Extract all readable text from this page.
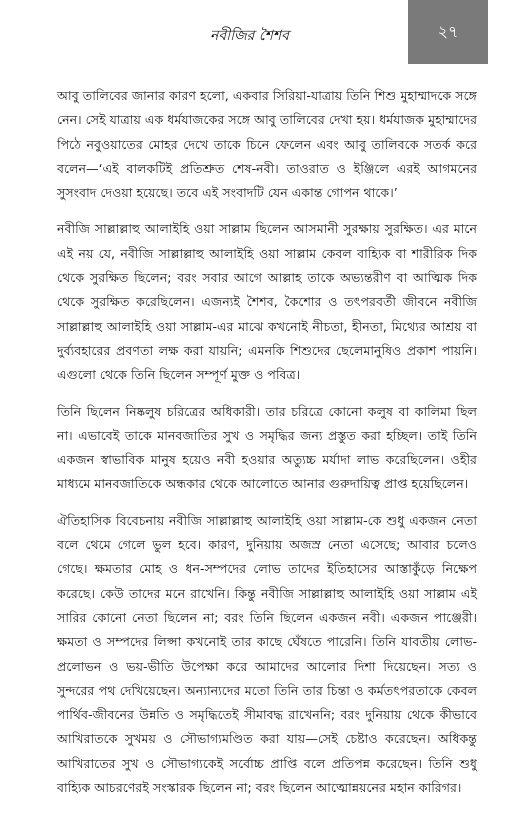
নবীজির শৈশব	২৭

আবু তালিবের জানার কারণ হলো, একবার সিরিয়া-যাত্রায় তিনি শিশু মুহাম্মাদকে সঙ্গে নেন। সেই যাত্রায় এক ধর্মযাজকের সঙ্গে আবু তালিবের দেখা হয়। ধর্মযাজক মুহাম্মাদের পিঠে নবুওয়াতের মোহর দেখে তাকে চিনে ফেলেন এবং আবু তালিবকে সতর্ক করে বলেন—‘এই বালকটিই প্রতিশ্রুত শেষ-নবী। তাওরাত ও ইঞ্জিলে এরই আগমনের সুসংবাদ দেওয়া হয়েছে। তবে এই সংবাদটি যেন একান্ত গোপন থাকে।’

নবীজি সাল্লাল্লাহু আলাইহি ওয়া সাল্লাম ছিলেন আসমানী সুরক্ষায় সুরক্ষিত। এর মানে এই নয় যে, নবীজি সাল্লাল্লাহু আলাইহি ওয়া সাল্লাম কেবল বাহ্যিক বা শারীরিক দিক থেকে সুরক্ষিত ছিলেন; বরং সবার আগে আল্লাহ তাকে অভ্যন্তরীণ বা আত্মিক দিক থেকে সুরক্ষিত করেছিলেন। এজন্যই শৈশব, কৈশোর ও তৎপরবর্তী জীবনে নবীজি সাল্লাল্লাহু আলাইহি ওয়া সাল্লাম-এর মাঝে কখনোই নীচতা, হীনতা, মিথ্যের আশ্রয় বা দুর্ব্যবহারের প্রবণতা লক্ষ করা যায়নি; এমনকি শিশুদের ছেলেমানুষিও প্রকাশ পায়নি। এগুলো থেকে তিনি ছিলেন সম্পূর্ণ মুক্ত ও পবিত্র।

তিনি ছিলেন নিষ্কলুষ চরিত্রের অধিকারী। তার চরিত্রে কোনো কলুষ বা কালিমা ছিল না। এভাবেই তাকে মানবজাতির সুখ ও সমৃদ্ধির জন্য প্রস্তুত করা হচ্ছিল। তাই তিনি একজন স্বাভাবিক মানুষ হয়েও নবী হওয়ার অত্যুচ্চ মর্যাদা লাভ করেছিলেন। ওহীর মাধ্যমে মানবজাতিকে অন্ধকার থেকে আলোতে আনার গুরুদায়িত্ব প্রাপ্ত হয়েছিলেন।

ঐতিহাসিক বিবেচনায় নবীজি সাল্লাল্লাহু আলাইহি ওয়া সাল্লাম-কে শুধু একজন নেতা বলে থেমে গেলে ভুল হবে। কারণ, দুনিয়ায় অজস্র নেতা এসেছে; আবার চলেও গেছে। ক্ষমতার মোহ ও ধন-সম্পদের লোভ তাদের ইতিহাসের আস্তাকুঁড়ে নিক্ষেপ করেছে। কেউ তাদের মনে রাখেনি। কিন্তু নবীজি সাল্লাল্লাহু আলাইহি ওয়া সাল্লাম এই সারির কোনো নেতা ছিলেন না; বরং তিনি ছিলেন একজন নবী। একজন পাঞ্জেরী। ক্ষমতা ও সম্পদের লিপ্সা কখনোই তার কাছে ঘেঁষতে পারেনি। তিনি যাবতীয় লোভ-প্রলোভন ও ভয়-ভীতি উপেক্ষা করে আমাদের আলোর দিশা দিয়েছেন। সত্য ও সুন্দরের পথ দেখিয়েছেন। অন্যান্যদের মতো তিনি তার চিন্তা ও কর্মতৎপরতাকে কেবল পার্থিব-জীবনের উন্নতি ও সমৃদ্ধিতেই সীমাবদ্ধ রাখেননি; বরং দুনিয়ায় থেকে কীভাবে আখিরাতকে সুখময় ও সৌভাগ্যমণ্ডিত করা যায়—সেই চেষ্টাও করেছেন। অধিকন্তু আখিরাতের সুখ ও সৌভাগ্যকেই সর্বোচ্চ প্রাপ্তি বলে প্রতিপন্ন করেছেন। তিনি শুধু বাহ্যিক আচরণেরই সংস্কারক ছিলেন না; বরং ছিলেন আত্মোন্নয়নের মহান কারিগর।
